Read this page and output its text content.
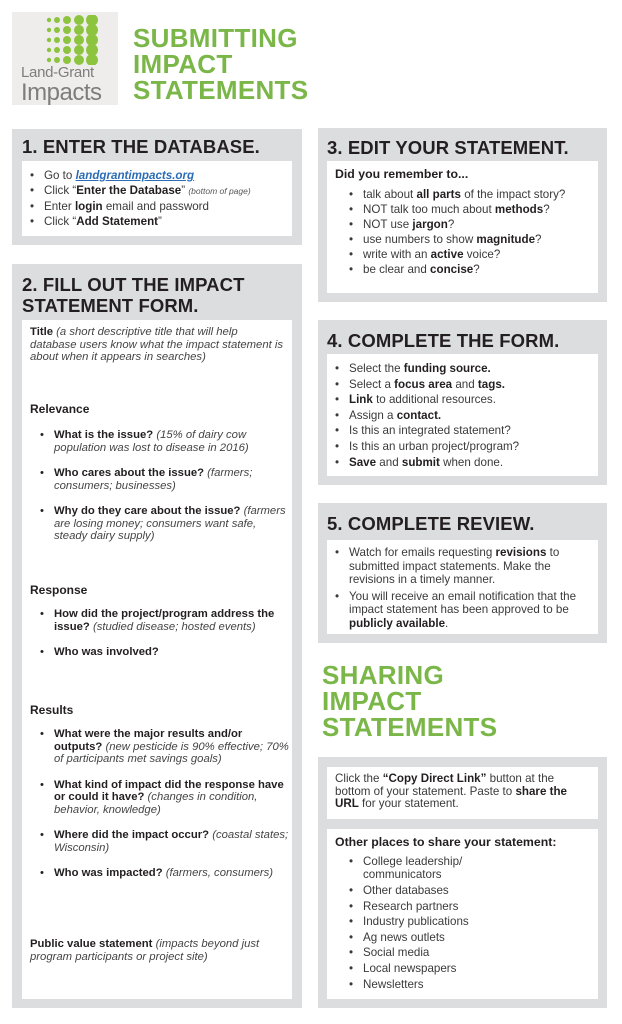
Land-Grant
Impacts
SUBMITTING
IMPACT
STATEMENTS
1. ENTER THE DATABASE.
• Go to landgrantimpacts.org
• Click “Enter the Database” (bottom of page)
• Enter login email and password
• Click “Add Statement”
2. FILL OUT THE IMPACT
STATEMENT FORM.
Title (a short descriptive title that will help database users know what the impact statement is about when it appears in searches)
Relevance
• What is the issue? (15% of dairy cow population was lost to disease in 2016)
• Who cares about the issue? (farmers; consumers; businesses)
• Why do they care about the issue? (farmers are losing money; consumers want safe, steady dairy supply)
Response
• How did the project/program address the issue? (studied disease; hosted events)
• Who was involved?
Results
• What were the major results and/or outputs? (new pesticide is 90% effective; 70% of participants met savings goals)
• What kind of impact did the response have or could it have? (changes in condition, behavior, knowledge)
• Where did the impact occur? (coastal states; Wisconsin)
• Who was impacted? (farmers, consumers)
Public value statement (impacts beyond just program participants or project site)
3. EDIT YOUR STATEMENT.
Did you remember to...
• talk about all parts of the impact story?
• NOT talk too much about methods?
• NOT use jargon?
• use numbers to show magnitude?
• write with an active voice?
• be clear and concise?
4. COMPLETE THE FORM.
• Select the funding source.
• Select a focus area and tags.
• Link to additional resources.
• Assign a contact.
• Is this an integrated statement?
• Is this an urban project/program?
• Save and submit when done.
5. COMPLETE REVIEW.
• Watch for emails requesting revisions to submitted impact statements. Make the revisions in a timely manner.
• You will receive an email notification that the impact statement has been approved to be publicly available.
SHARING
IMPACT
STATEMENTS
Click the “Copy Direct Link” button at the bottom of your statement. Paste to share the URL for your statement.
Other places to share your statement:
• College leadership/ communicators
• Other databases
• Research partners
• Industry publications
• Ag news outlets
• Social media
• Local newspapers
• Newsletters
